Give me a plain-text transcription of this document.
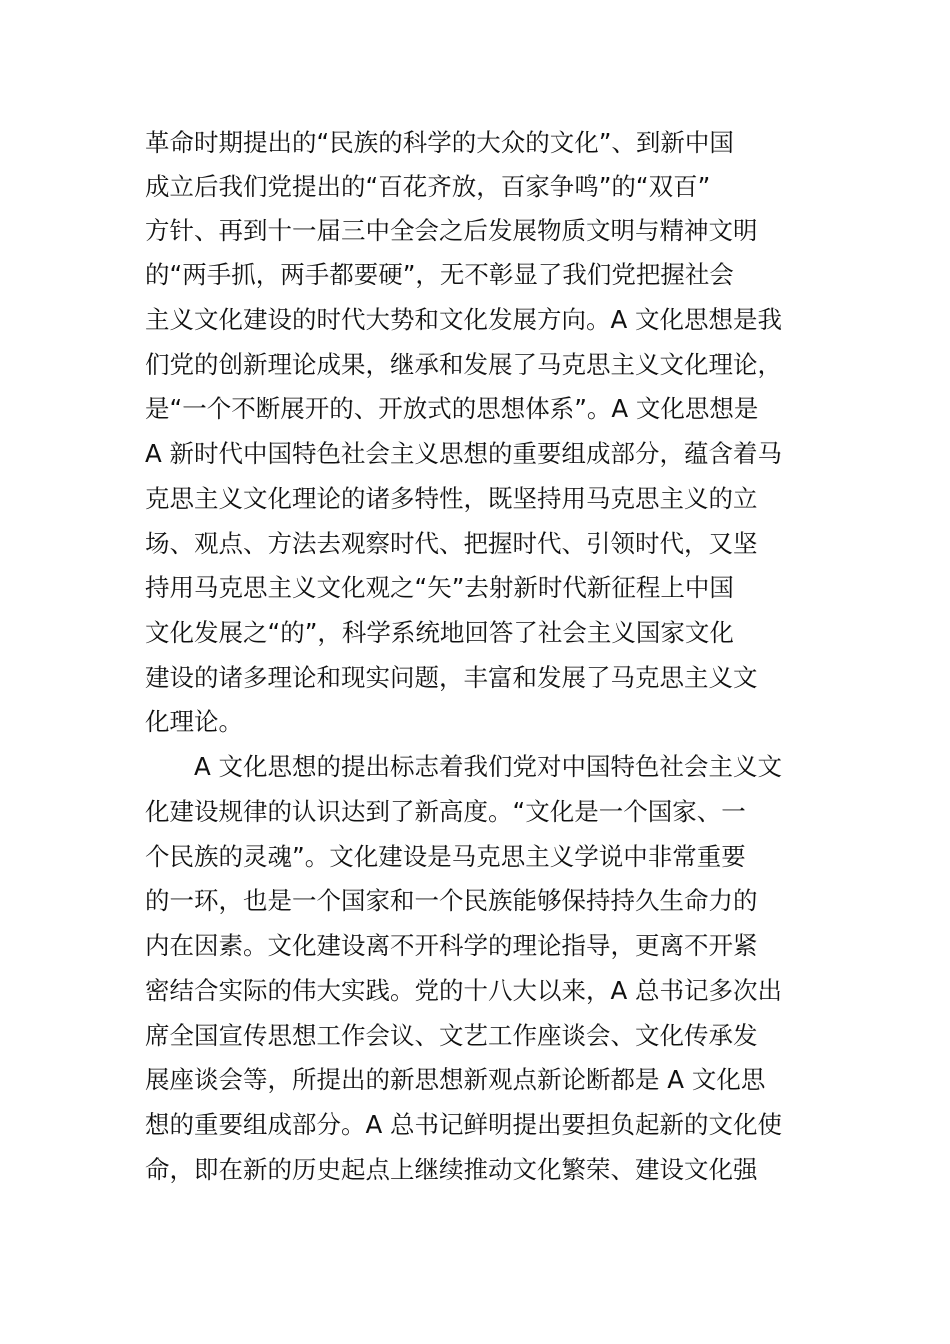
革命时期提出的“民族的科学的大众的文化”、到新中国
成立后我们党提出的“百花齐放，百家争鸣”的“双百”
方针、再到十一届三中全会之后发展物质文明与精神文明
的“两手抓，两手都要硬”，无不彰显了我们党把握社会
主义文化建设的时代大势和文化发展方向。A 文化思想是我
们党的创新理论成果，继承和发展了马克思主义文化理论，
是“一个不断展开的、开放式的思想体系”。A 文化思想是
A 新时代中国特色社会主义思想的重要组成部分，蕴含着马
克思主义文化理论的诸多特性，既坚持用马克思主义的立
场、观点、方法去观察时代、把握时代、引领时代，又坚
持用马克思主义文化观之“矢”去射新时代新征程上中国
文化发展之“的”，科学系统地回答了社会主义国家文化
建设的诸多理论和现实问题，丰富和发展了马克思主义文
化理论。
A 文化思想的提出标志着我们党对中国特色社会主义文
化建设规律的认识达到了新高度。“文化是一个国家、一
个民族的灵魂”。文化建设是马克思主义学说中非常重要
的一环，也是一个国家和一个民族能够保持持久生命力的
内在因素。文化建设离不开科学的理论指导，更离不开紧
密结合实际的伟大实践。党的十八大以来，A 总书记多次出
席全国宣传思想工作会议、文艺工作座谈会、文化传承发
展座谈会等，所提出的新思想新观点新论断都是 A 文化思
想的重要组成部分。A 总书记鲜明提出要担负起新的文化使
命，即在新的历史起点上继续推动文化繁荣、建设文化强
